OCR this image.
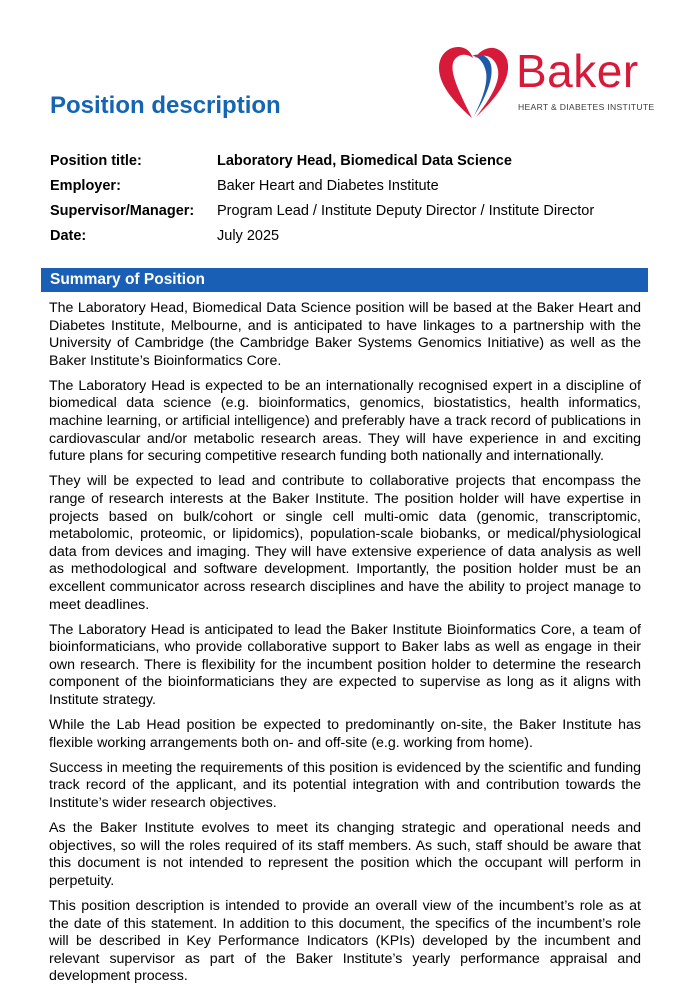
Position description
Baker
HEART & DIABETES INSTITUTE
Position title:	Laboratory Head, Biomedical Data Science
Employer:	Baker Heart and Diabetes Institute
Supervisor/Manager:	Program Lead / Institute Deputy Director / Institute Director
Date:	July 2025
Summary of Position

The Laboratory Head, Biomedical Data Science position will be based at the Baker Heart and Diabetes Institute, Melbourne, and is anticipated to have linkages to a partnership with the University of Cambridge (the Cambridge Baker Systems Genomics Initiative) as well as the Baker Institute’s Bioinformatics Core.

The Laboratory Head is expected to be an internationally recognised expert in a discipline of biomedical data science (e.g. bioinformatics, genomics, biostatistics, health informatics, machine learning, or artificial intelligence) and preferably have a track record of publications in cardiovascular and/or metabolic research areas. They will have experience in and exciting future plans for securing competitive research funding both nationally and internationally.

They will be expected to lead and contribute to collaborative projects that encompass the range of research interests at the Baker Institute. The position holder will have expertise in projects based on bulk/cohort or single cell multi-omic data (genomic, transcriptomic, metabolomic, proteomic, or lipidomics), population-scale biobanks, or medical/physiological data from devices and imaging. They will have extensive experience of data analysis as well as methodological and software development. Importantly, the position holder must be an excellent communicator across research disciplines and have the ability to project manage to meet deadlines.

The Laboratory Head is anticipated to lead the Baker Institute Bioinformatics Core, a team of bioinformaticians, who provide collaborative support to Baker labs as well as engage in their own research. There is flexibility for the incumbent position holder to determine the research component of the bioinformaticians they are expected to supervise as long as it aligns with Institute strategy.

While the Lab Head position be expected to predominantly on-site, the Baker Institute has flexible working arrangements both on- and off-site (e.g. working from home).

Success in meeting the requirements of this position is evidenced by the scientific and funding track record of the applicant, and its potential integration with and contribution towards the Institute’s wider research objectives.

As the Baker Institute evolves to meet its changing strategic and operational needs and objectives, so will the roles required of its staff members. As such, staff should be aware that this document is not intended to represent the position which the occupant will perform in perpetuity.

This position description is intended to provide an overall view of the incumbent’s role as at the date of this statement. In addition to this document, the specifics of the incumbent’s role will be described in Key Performance Indicators (KPIs) developed by the incumbent and relevant supervisor as part of the Baker Institute’s yearly performance appraisal and development process.
